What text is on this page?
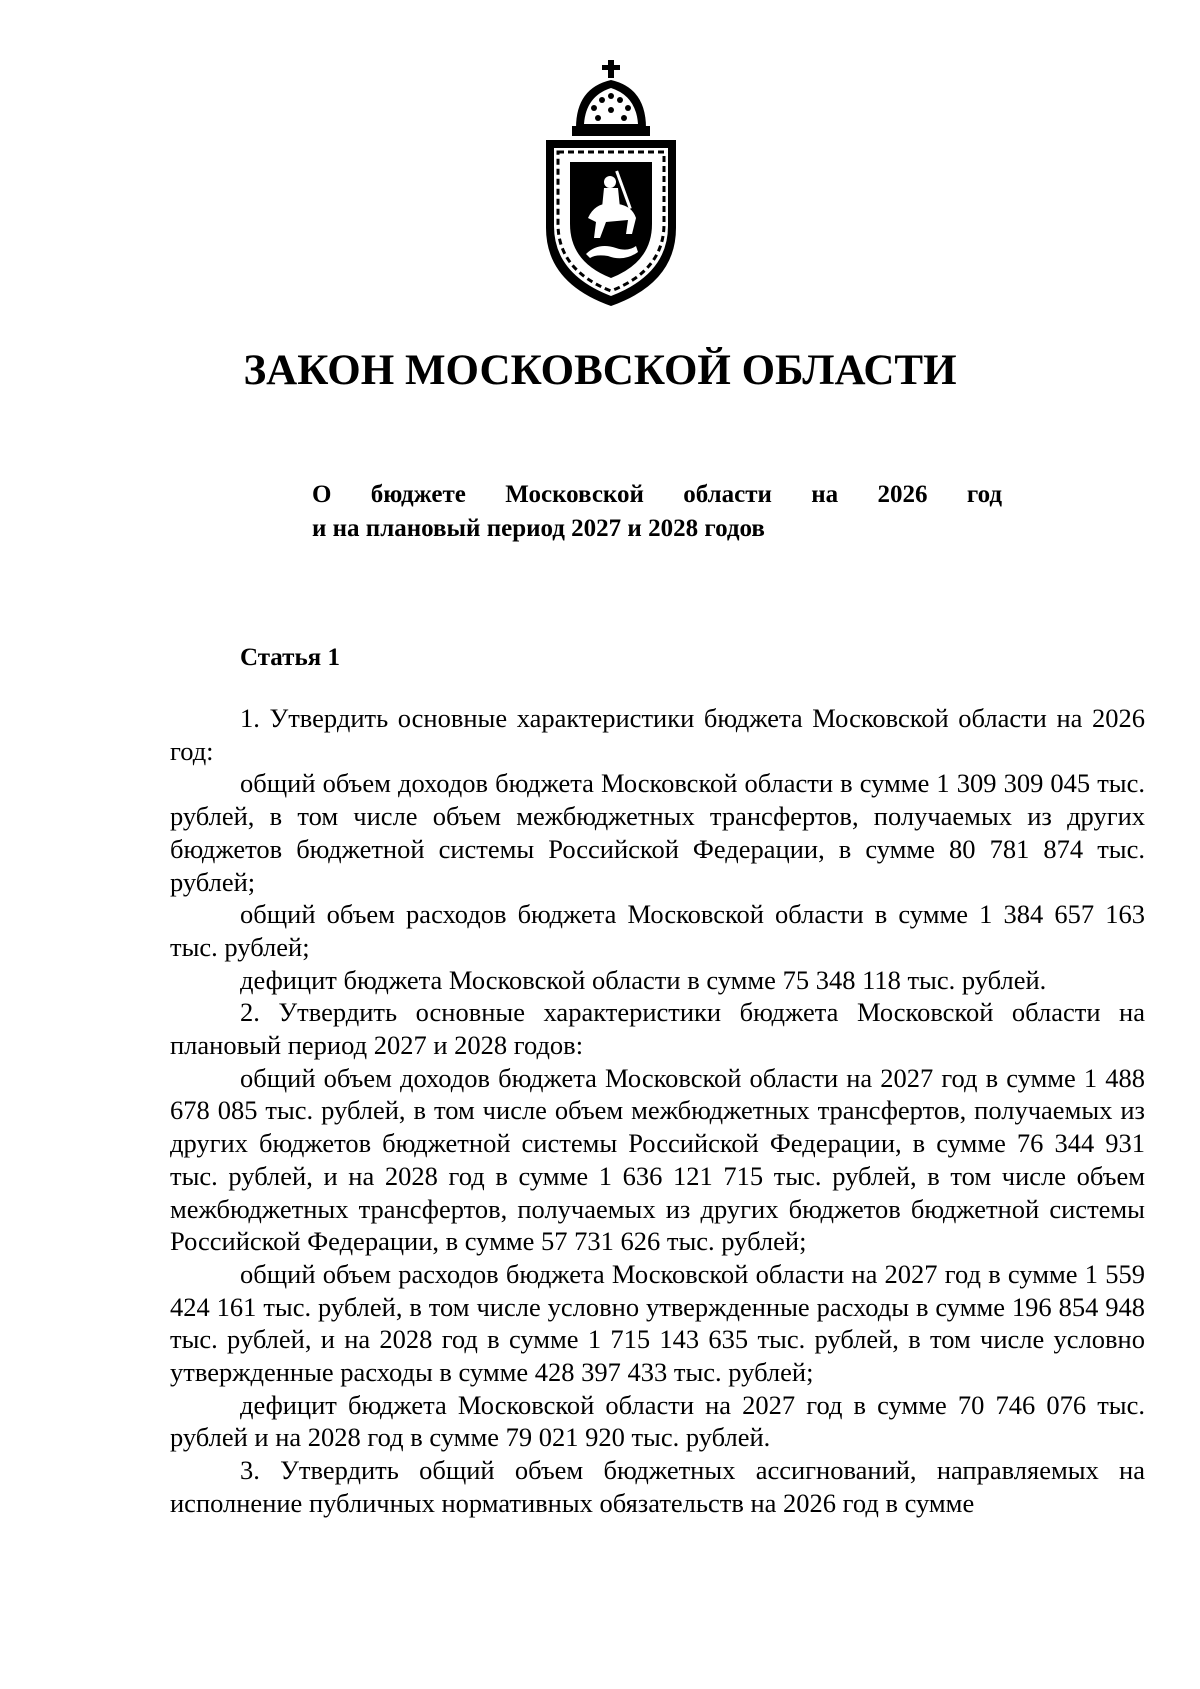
ЗАКОН МОСКОВСКОЙ ОБЛАСТИ
О бюджете Московской области на 2026 год
и на плановый период 2027 и 2028 годов
Статья 1

1. Утвердить основные характеристики бюджета Московской области на 2026 год:

общий объем доходов бюджета Московской области в сумме 1 309 309 045 тыс. рублей, в том числе объем межбюджетных трансфертов, получаемых из других бюджетов бюджетной системы Российской Федерации, в сумме 80 781 874 тыс. рублей;

общий объем расходов бюджета Московской области в сумме 1 384 657 163 тыс. рублей;

дефицит бюджета Московской области в сумме 75 348 118 тыс. рублей.

2. Утвердить основные характеристики бюджета Московской области на плановый период 2027 и 2028 годов:

общий объем доходов бюджета Московской области на 2027 год в сумме 1 488 678 085 тыс. рублей, в том числе объем межбюджетных трансфертов, получаемых из других бюджетов бюджетной системы Российской Федерации, в сумме 76 344 931 тыс. рублей, и на 2028 год в сумме 1 636 121 715 тыс. рублей, в том числе объем межбюджетных трансфертов, получаемых из других бюджетов бюджетной системы Российской Федерации, в сумме 57 731 626 тыс. рублей;

общий объем расходов бюджета Московской области на 2027 год в сумме 1 559 424 161 тыс. рублей, в том числе условно утвержденные расходы в сумме 196 854 948 тыс. рублей, и на 2028 год в сумме 1 715 143 635 тыс. рублей, в том числе условно утвержденные расходы в сумме 428 397 433 тыс. рублей;

дефицит бюджета Московской области на 2027 год в сумме 70 746 076 тыс. рублей и на 2028 год в сумме 79 021 920 тыс. рублей.

3. Утвердить общий объем бюджетных ассигнований, направляемых на исполнение публичных нормативных обязательств на 2026 год в сумме
